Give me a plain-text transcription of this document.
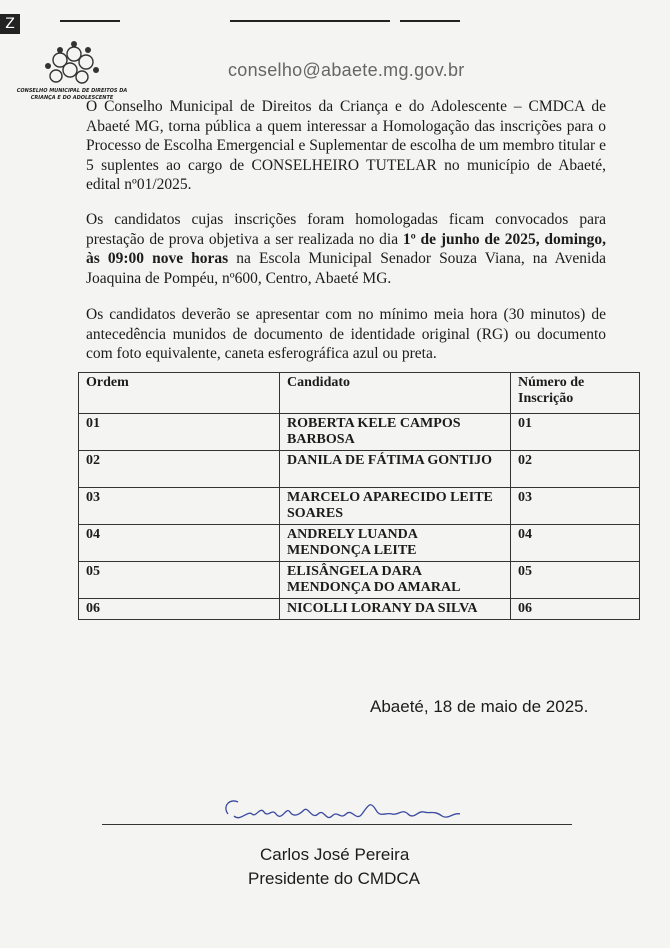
Z
CONSELHO MUNICIPAL DE DIREITOS DA CRIANÇA E DO ADOLESCENTE
conselho@abaete.mg.gov.br
O Conselho Municipal de Direitos da Criança e do Adolescente – CMDCA de Abaeté MG, torna pública a quem interessar a Homologação das inscrições para o Processo de Escolha Emergencial e Suplementar de escolha de um membro titular e 5 suplentes ao cargo de CONSELHEIRO TUTELAR no município de Abaeté, edital nº01/2025.
Os candidatos cujas inscrições foram homologadas ficam convocados para prestação de prova objetiva a ser realizada no dia 1º de junho de 2025, domingo, às 09:00 nove horas na Escola Municipal Senador Souza Viana, na Avenida Joaquina de Pompéu, nº600, Centro, Abaeté MG.
Os candidatos deverão se apresentar com no mínimo meia hora (30 minutos) de antecedência munidos de documento de identidade original (RG) ou documento com foto equivalente, caneta esferográfica azul ou preta.
Ordem	Candidato	Número de Inscrição
01	ROBERTA KELE CAMPOS BARBOSA	01
02	DANILA DE FÁTIMA GONTIJO	02
03	MARCELO APARECIDO LEITE SOARES	03
04	ANDRELY LUANDA MENDONÇA LEITE	04
05	ELISÂNGELA DARA MENDONÇA DO AMARAL	05
06	NICOLLI LORANY DA SILVA	06
Abaeté, 18 de maio de 2025.
Carlos José Pereira
Presidente do CMDCA
